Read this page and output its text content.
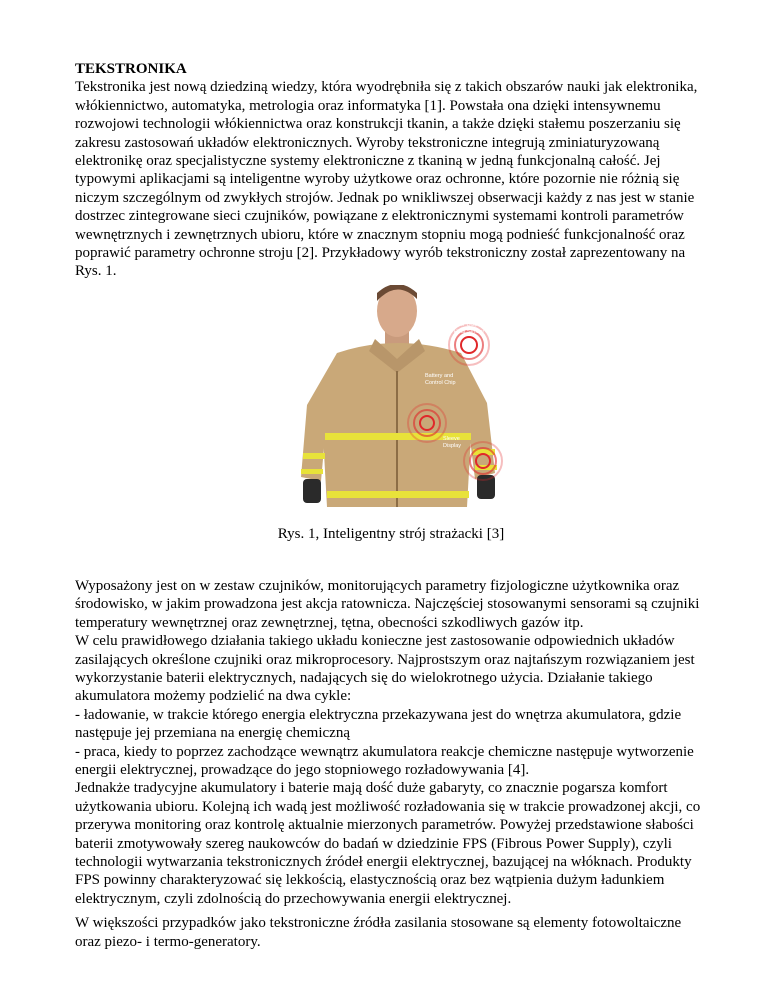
TEKSTRONIKA

Tekstronika jest nową dziedziną wiedzy, która wyodrębniła się z takich obszarów nauki jak elektronika, włókiennictwo, automatyka, metrologia oraz informatyka [1]. Powstała ona dzięki intensywnemu rozwojowi technologii włókiennictwa oraz konstrukcji tkanin, a także dzięki stałemu poszerzaniu się zakresu zastosowań układów elektronicznych. Wyroby tekstroniczne integrują zminiaturyzowaną elektronikę oraz specjalistyczne systemy elektroniczne z tkaniną w jedną funkcjonalną całość. Jej typowymi aplikacjami są inteligentne wyroby użytkowe oraz ochronne, które pozornie nie różnią się niczym szczególnym od zwykłych strojów. Jednak po wnikliwszej obserwacji każdy z nas jest w stanie dostrzec zintegrowane sieci czujników, powiązane z elektronicznymi systemami kontroli parametrów wewnętrznych i zewnętrznych ubioru, które w znacznym stopniu mogą podnieść funkcjonalność oraz poprawić parametry ochronne stroju [2]. Przykładowy wyrób tekstroniczny został zaprezentowany na Rys. 1.

Shoulder Display
and Heat Sensor
Battery and
Control Chip
Sleeve
Display
Rys. 1, Inteligentny strój strażacki [3]

Wyposażony jest on w zestaw czujników, monitorujących parametry fizjologiczne użytkownika oraz środowisko, w jakim prowadzona jest akcja ratownicza. Najczęściej stosowanymi sensorami są czujniki temperatury wewnętrznej oraz zewnętrznej, tętna, obecności szkodliwych gazów itp.

W celu prawidłowego działania takiego układu konieczne jest zastosowanie odpowiednich układów zasilających określone czujniki oraz mikroprocesory. Najprostszym oraz najtańszym rozwiązaniem jest wykorzystanie baterii elektrycznych, nadających się do wielokrotnego użycia. Działanie takiego akumulatora możemy podzielić na dwa cykle:

- ładowanie, w trakcie którego energia elektryczna przekazywana jest do wnętrza akumulatora, gdzie następuje jej przemiana na energię chemiczną

- praca, kiedy to poprzez zachodzące wewnątrz akumulatora reakcje chemiczne następuje wytworzenie energii elektrycznej, prowadzące do jego stopniowego rozładowywania [4].

Jednakże tradycyjne akumulatory i baterie mają dość duże gabaryty, co znacznie pogarsza komfort użytkowania ubioru. Kolejną ich wadą jest możliwość rozładowania się w trakcie prowadzonej akcji, co przerywa monitoring oraz kontrolę aktualnie mierzonych parametrów. Powyżej przedstawione słabości baterii zmotywowały szereg naukowców do badań w dziedzinie FPS (Fibrous Power Supply), czyli technologii wytwarzania tekstronicznych źródeł energii elektrycznej, bazującej na włóknach. Produkty FPS powinny charakteryzować się lekkością, elastycznością oraz bez wątpienia dużym ładunkiem elektrycznym, czyli zdolnością do przechowywania energii elektrycznej.

W większości przypadków jako tekstroniczne źródła zasilania stosowane są elementy fotowoltaiczne oraz piezo- i termo-generatory.
